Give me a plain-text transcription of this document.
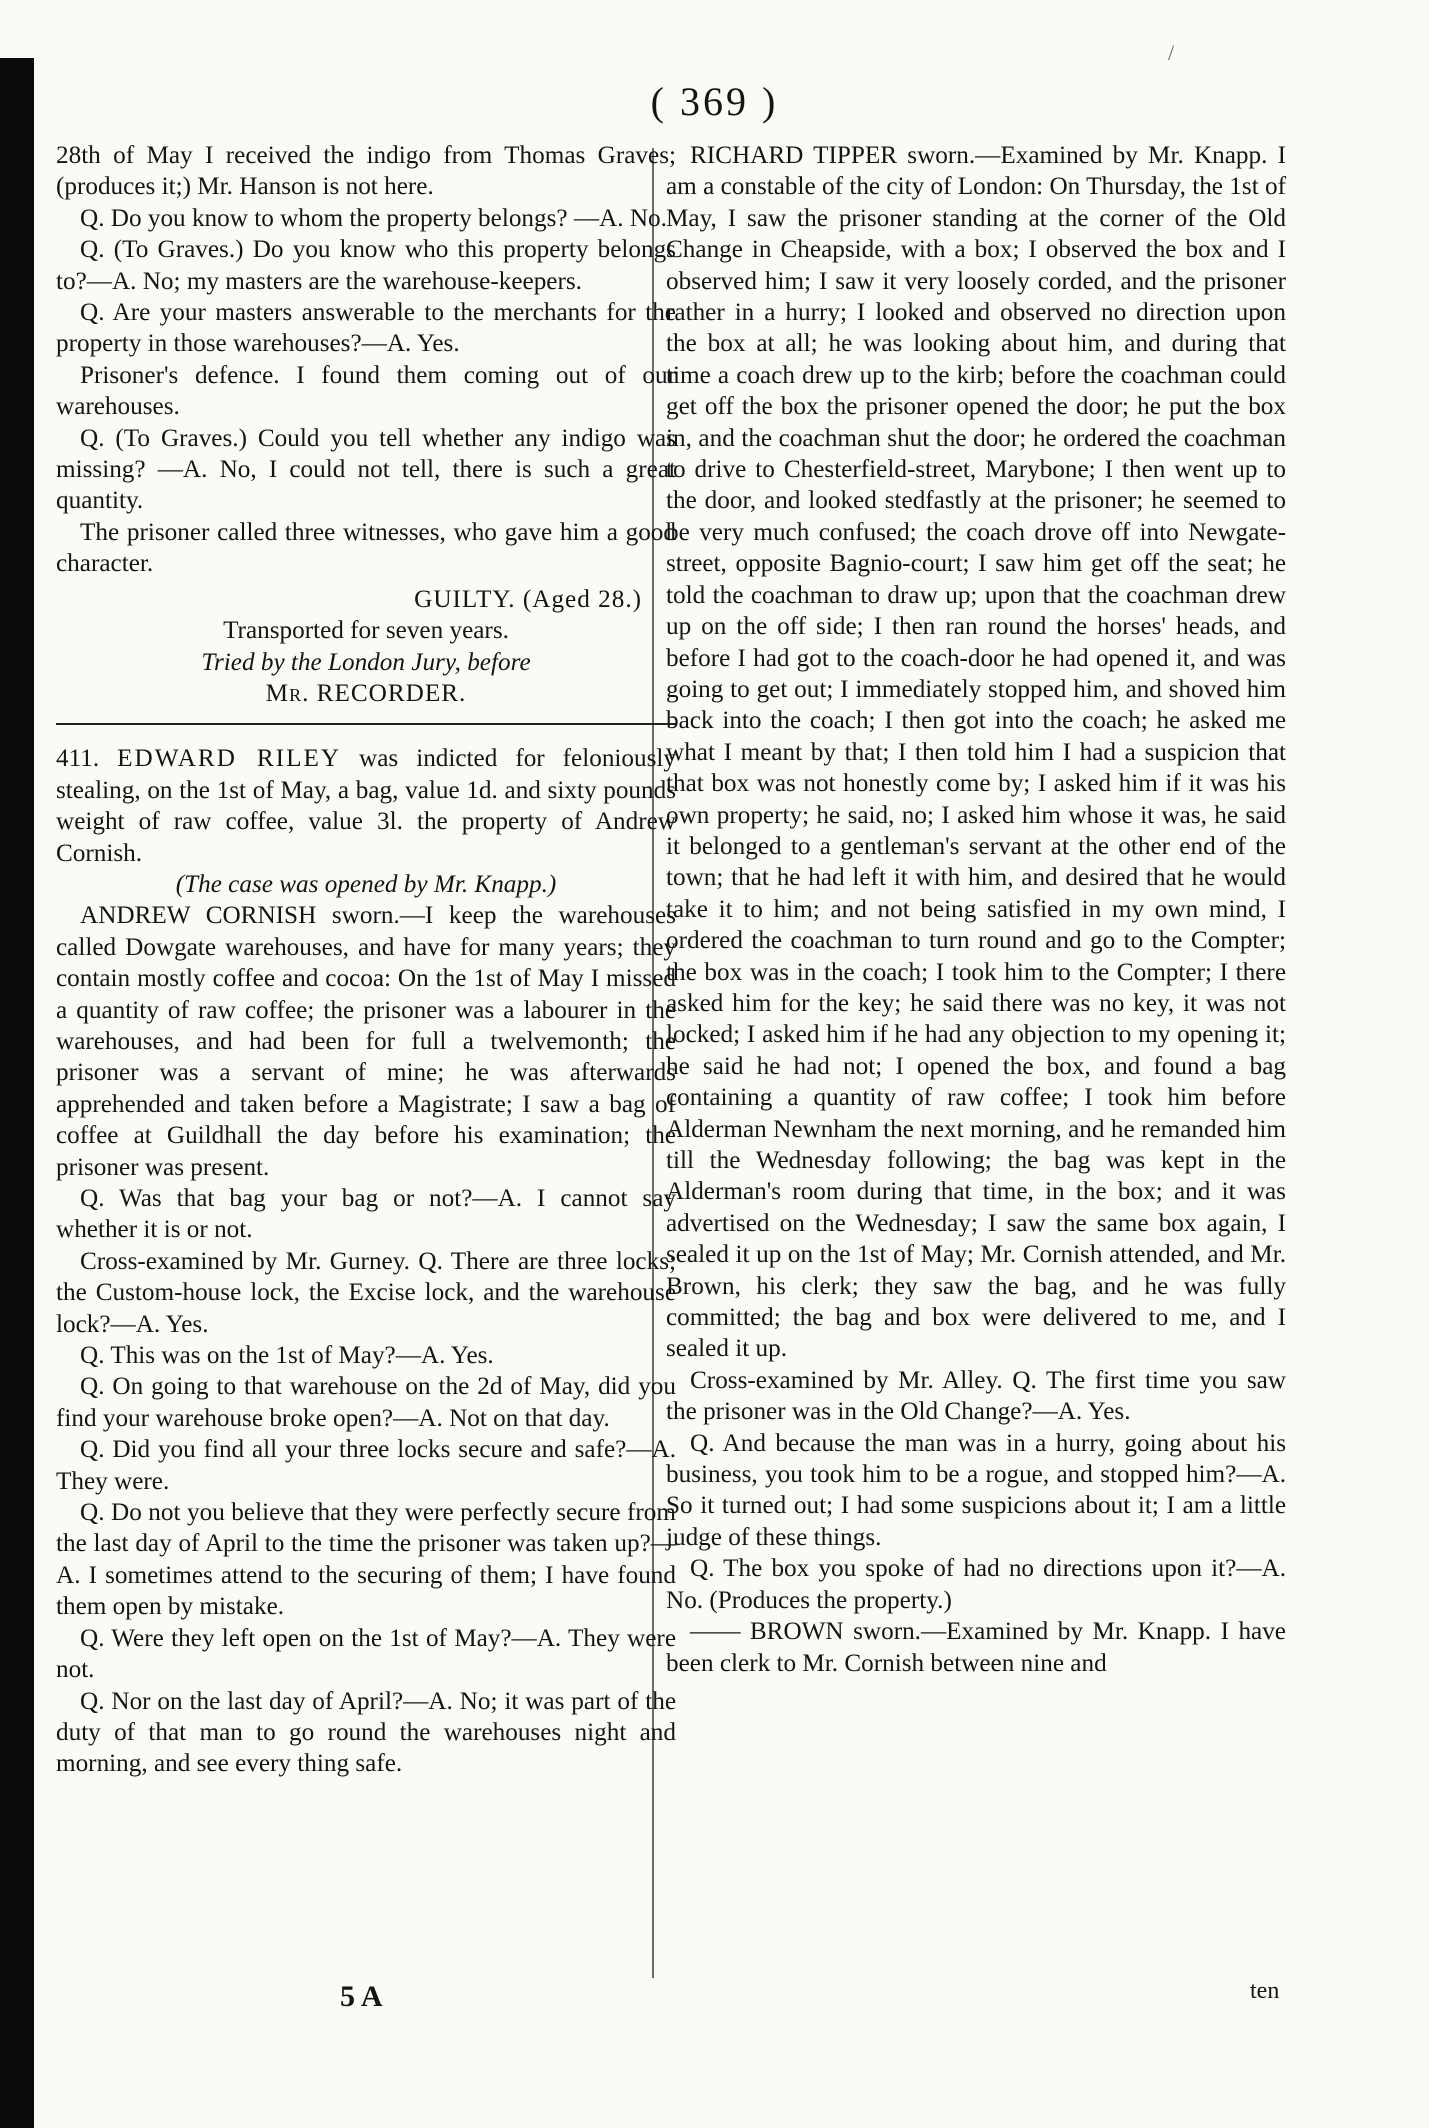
/
( 369 )

28th of May I received the indigo from Thomas Graves; (produces it;) Mr. Hanson is not here.

Q. Do you know to whom the property belongs? —A. No.

Q. (To Graves.) Do you know who this property belongs to?—A. No; my masters are the warehouse-keepers.

Q. Are your masters answerable to the merchants for the property in those warehouses?—A. Yes.

Prisoner's defence. I found them coming out of our warehouses.

Q. (To Graves.) Could you tell whether any indigo was missing? —A. No, I could not tell, there is such a great quantity.

The prisoner called three witnesses, who gave him a good character.

GUILTY. (Aged 28.)

Transported for seven years.

Tried by the London Jury, before

Mr. RECORDER.

411. EDWARD RILEY was indicted for feloniously stealing, on the 1st of May, a bag, value 1d. and sixty pounds weight of raw coffee, value 3l. the property of Andrew Cornish.

(The case was opened by Mr. Knapp.)

ANDREW CORNISH sworn.—I keep the warehouses called Dowgate warehouses, and have for many years; they contain mostly coffee and cocoa: On the 1st of May I missed a quantity of raw coffee; the prisoner was a labourer in the warehouses, and had been for full a twelvemonth; the prisoner was a servant of mine; he was afterwards apprehended and taken before a Magistrate; I saw a bag of coffee at Guildhall the day before his examination; the prisoner was present.

Q. Was that bag your bag or not?—A. I cannot say whether it is or not.

Cross-examined by Mr. Gurney. Q. There are three locks; the Custom-house lock, the Excise lock, and the warehouse lock?—A. Yes.

Q. This was on the 1st of May?—A. Yes.

Q. On going to that warehouse on the 2d of May, did you find your warehouse broke open?—A. Not on that day.

Q. Did you find all your three locks secure and safe?—A. They were.

Q. Do not you believe that they were perfectly secure from the last day of April to the time the prisoner was taken up?—A. I sometimes attend to the securing of them; I have found them open by mistake.

Q. Were they left open on the 1st of May?—A. They were not.

Q. Nor on the last day of April?—A. No; it was part of the duty of that man to go round the warehouses night and morning, and see every thing safe.

RICHARD TIPPER sworn.—Examined by Mr. Knapp. I am a constable of the city of London: On Thursday, the 1st of May, I saw the prisoner standing at the corner of the Old Change in Cheapside, with a box; I observed the box and I observed him; I saw it very loosely corded, and the prisoner rather in a hurry; I looked and observed no direction upon the box at all; he was looking about him, and during that time a coach drew up to the kirb; before the coachman could get off the box the prisoner opened the door; he put the box in, and the coachman shut the door; he ordered the coachman to drive to Chesterfield-street, Marybone; I then went up to the door, and looked stedfastly at the prisoner; he seemed to be very much confused; the coach drove off into Newgate-street, opposite Bagnio-court; I saw him get off the seat; he told the coachman to draw up; upon that the coachman drew up on the off side; I then ran round the horses' heads, and before I had got to the coach-door he had opened it, and was going to get out; I immediately stopped him, and shoved him back into the coach; I then got into the coach; he asked me what I meant by that; I then told him I had a suspicion that that box was not honestly come by; I asked him if it was his own property; he said, no; I asked him whose it was, he said it belonged to a gentleman's servant at the other end of the town; that he had left it with him, and desired that he would take it to him; and not being satisfied in my own mind, I ordered the coachman to turn round and go to the Compter; the box was in the coach; I took him to the Compter; I there asked him for the key; he said there was no key, it was not locked; I asked him if he had any objection to my opening it; he said he had not; I opened the box, and found a bag containing a quantity of raw coffee; I took him before Alderman Newnham the next morning, and he remanded him till the Wednesday following; the bag was kept in the Alderman's room during that time, in the box; and it was advertised on the Wednesday; I saw the same box again, I sealed it up on the 1st of May; Mr. Cornish attended, and Mr. Brown, his clerk; they saw the bag, and he was fully committed; the bag and box were delivered to me, and I sealed it up.

Cross-examined by Mr. Alley. Q. The first time you saw the prisoner was in the Old Change?—A. Yes.

Q. And because the man was in a hurry, going about his business, you took him to be a rogue, and stopped him?—A. So it turned out; I had some suspicions about it; I am a little judge of these things.

Q. The box you spoke of had no directions upon it?—A. No. (Produces the property.)

—— BROWN sworn.—Examined by Mr. Knapp. I have been clerk to Mr. Cornish between nine and

5 A	ten
